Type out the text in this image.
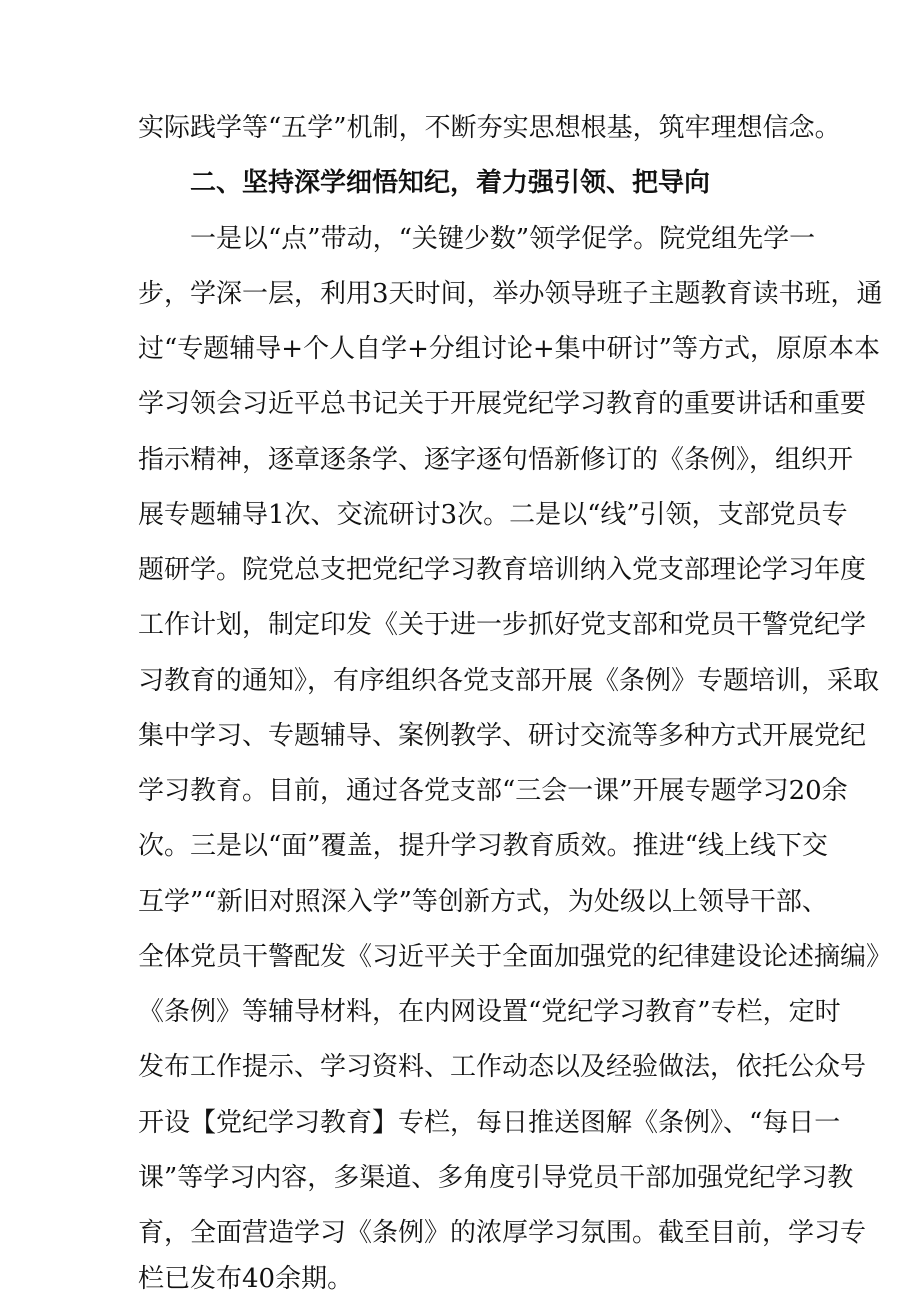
实际践学等“五学”机制，不断夯实思想根基，筑牢理想信念。
二、坚持深学细悟知纪，着力强引领、把导向
一是以“点”带动，“关键少数”领学促学。院党组先学一
步，学深一层，利用3天时间，举办领导班子主题教育读书班，通
过“专题辅导+个人自学+分组讨论+集中研讨”等方式，原原本本
学习领会习近平总书记关于开展党纪学习教育的重要讲话和重要
指示精神，逐章逐条学、逐字逐句悟新修订的《条例》，组织开
展专题辅导1次、交流研讨3次。二是以“线”引领，支部党员专
题研学。院党总支把党纪学习教育培训纳入党支部理论学习年度
工作计划，制定印发《关于进一步抓好党支部和党员干警党纪学
习教育的通知》，有序组织各党支部开展《条例》专题培训，采取
集中学习、专题辅导、案例教学、研讨交流等多种方式开展党纪
学习教育。目前，通过各党支部“三会一课”开展专题学习20余
次。三是以“面”覆盖，提升学习教育质效。推进“线上线下交
互学”“新旧对照深入学”等创新方式，为处级以上领导干部、
全体党员干警配发《习近平关于全面加强党的纪律建设论述摘编》
《条例》等辅导材料，在内网设置“党纪学习教育”专栏，定时
发布工作提示、学习资料、工作动态以及经验做法，依托公众号
开设【党纪学习教育】专栏，每日推送图解《条例》、“每日一
课”等学习内容，多渠道、多角度引导党员干部加强党纪学习教
育，全面营造学习《条例》的浓厚学习氛围。截至目前，学习专
栏已发布40余期。
